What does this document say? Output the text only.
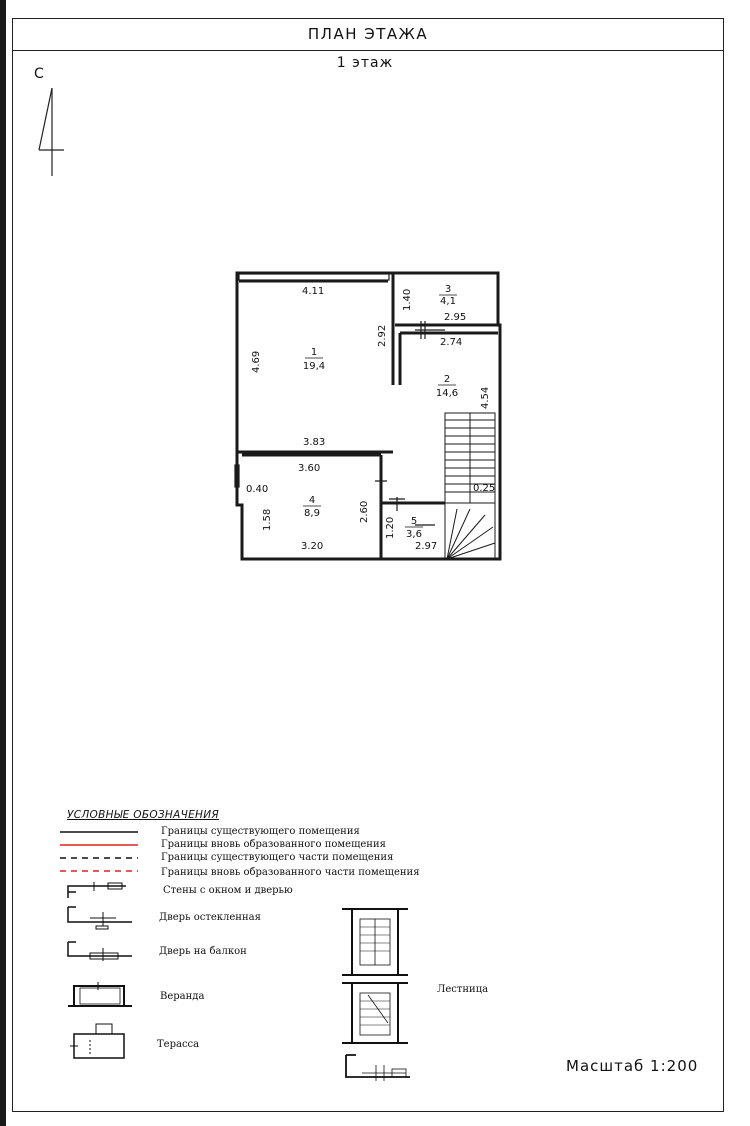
ПЛАН ЭТАЖА
1 этаж
С
1
19,4
2
14,6
3
4,1
4
8,9
5
3,6
4.11
4.69
2.92
3.83
1.40
2.95
2.74
4.54
3.60
0.40
1.58	2.60
3.20
1.20
2.97
0.25
УСЛОВНЫЕ ОБОЗНАЧЕНИЯ
Границы существующего помещения
Границы вновь образованного помещения
Границы существующего части помещения
Границы вновь образованного части помещения
Стены с окном и дверью
Дверь остекленная
Дверь на балкон
Веранда
Терасса
Лестница
Масштаб 1:200
